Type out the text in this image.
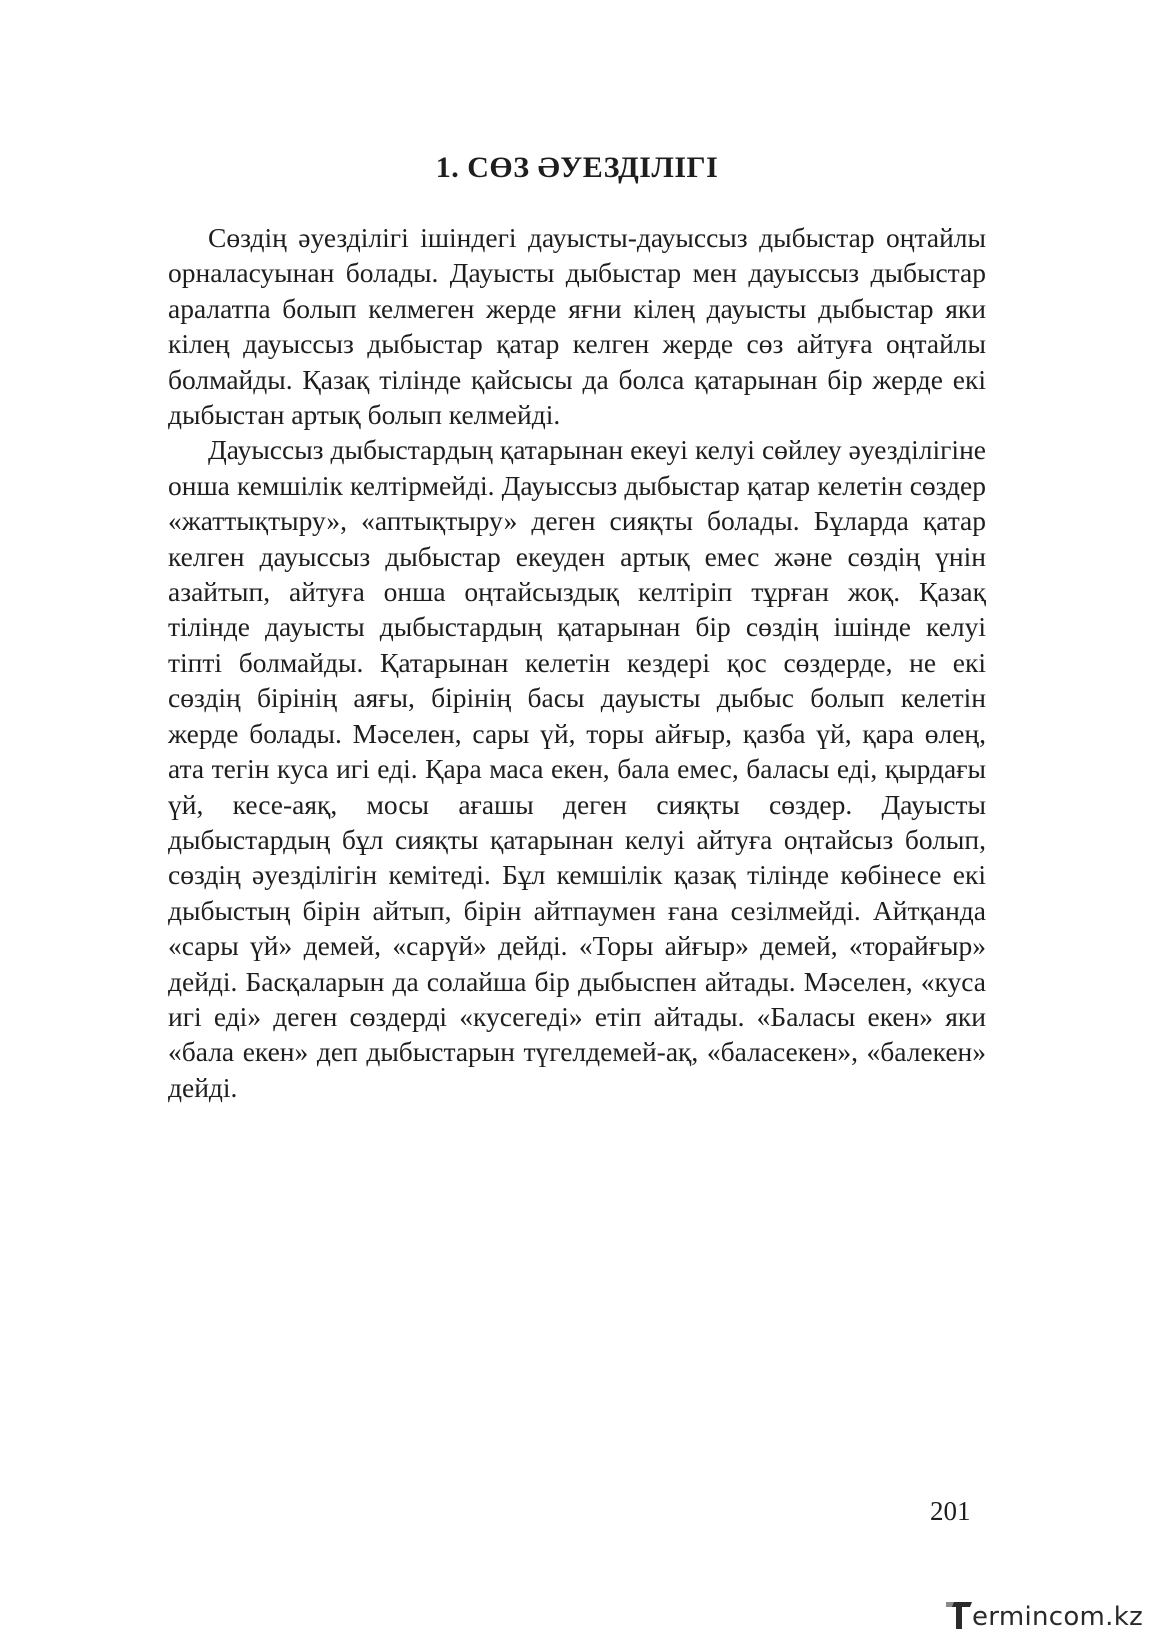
1. СӨЗ ӘУЕЗДІЛІГІ

Сөздің әуезділігі ішіндегі дауысты-дауыссыз дыбыстар оңтайлы орналасуынан болады. Дауысты дыбыстар мен дауыссыз дыбыстар аралатпа болып келмеген жерде яғни кілең дауысты дыбыстар яки кілең дауыссыз дыбыстар қатар келген жерде сөз айтуға оңтайлы болмайды. Қазақ тілінде қайсысы да болса қатарынан бір жерде екі дыбыстан артық болып келмейді.

Дауыссыз дыбыстардың қатарынан екеуі келуі сөйлеу әуезділігіне онша кемшілік келтірмейді. Дауыссыз дыбыстар қатар келетін сөздер «жаттықтыру», «аптықтыру» деген сияқты болады. Бұларда қатар келген дауыссыз дыбыстар екеуден артық емес және сөздің үнін азайтып, айтуға онша оңтайсыздық келтіріп тұрған жоқ. Қазақ тілінде дауысты дыбыстардың қатарынан бір сөздің ішінде келуі тіпті болмайды. Қатарынан келетін кездері қос сөздерде, не екі сөздің бірінің аяғы, бірінің басы дауысты дыбыс болып келетін жерде болады. Мәселен, сары үй, торы айғыр, қазба үй, қара өлең, ата тегін куса игі еді. Қара маса екен, бала емес, баласы еді, қырдағы үй, кесе-аяқ, мосы ағашы деген сияқты сөздер. Дауысты дыбыстардың бұл сияқты қатарынан келуі айтуға оңтайсыз болып, сөздің әуезділігін кемітеді. Бұл кемшілік қазақ тілінде көбінесе екі дыбыстың бірін айтып, бірін айтпаумен ғана сезілмейді. Айтқанда «сары үй» демей, «сарүй» дейді. «Торы айғыр» демей, «торайғыр» дейді. Басқаларын да солайша бір дыбыспен айтады. Мәселен, «куса игі еді» деген сөздерді «кусегеді» етіп айтады. «Баласы екен» яки «бала екен» деп дыбыстарын түгелдемей-ақ, «баласекен», «балекен» дейді.

201
ermincom.kz
